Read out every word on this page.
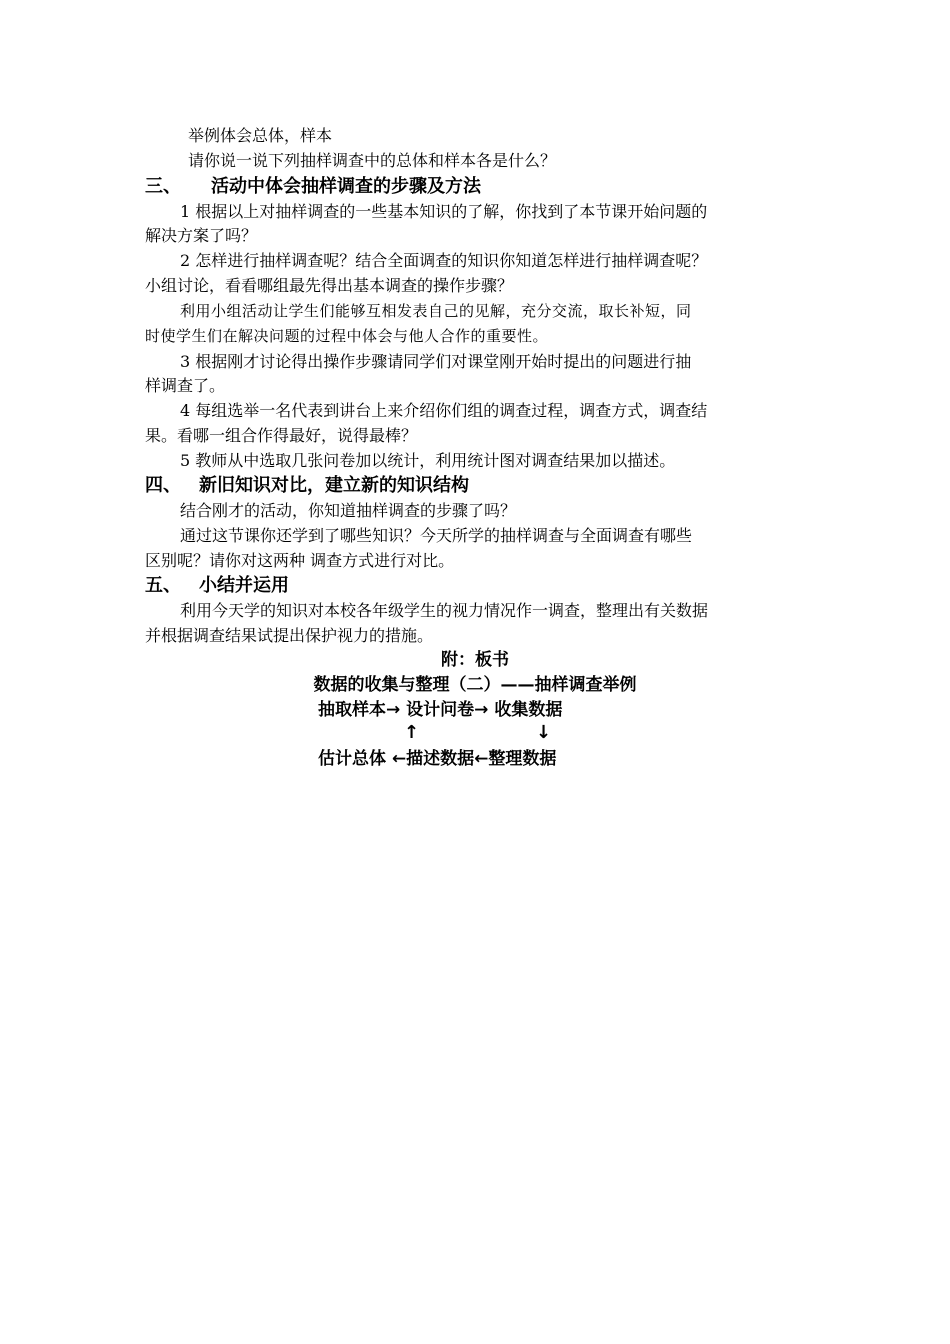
举例体会总体，样本
请你说一说下列抽样调查中的总体和样本各是什么？
三、 活动中体会抽样调查的步骤及方法
1 根据以上对抽样调查的一些基本知识的了解，你找到了本节课开始问题的
解决方案了吗？
2 怎样进行抽样调查呢？结合全面调查的知识你知道怎样进行抽样调查呢？
小组讨论，看看哪组最先得出基本调查的操作步骤？
利用小组活动让学生们能够互相发表自己的见解，充分交流，取长补短，同
时使学生们在解决问题的过程中体会与他人合作的重要性。
3 根据刚才讨论得出操作步骤请同学们对课堂刚开始时提出的问题进行抽
样调查了。
4 每组选举一名代表到讲台上来介绍你们组的调查过程，调查方式，调查结
果。看哪一组合作得最好，说得最棒？
5 教师从中选取几张问卷加以统计，利用统计图对调查结果加以描述。
四、 新旧知识对比，建立新的知识结构
结合刚才的活动，你知道抽样调查的步骤了吗？
通过这节课你还学到了哪些知识？今天所学的抽样调查与全面调查有哪些
区别呢？请你对这两种 调查方式进行对比。
五、 小结并运用
利用今天学的知识对本校各年级学生的视力情况作一调查，整理出有关数据
并根据调查结果试提出保护视力的措施。
附：板书
数据的收集与整理（二）——抽样调查举例
抽取样本→ 设计问卷→ 收集数据
↑	↓
估计总体 ←描述数据←整理数据
